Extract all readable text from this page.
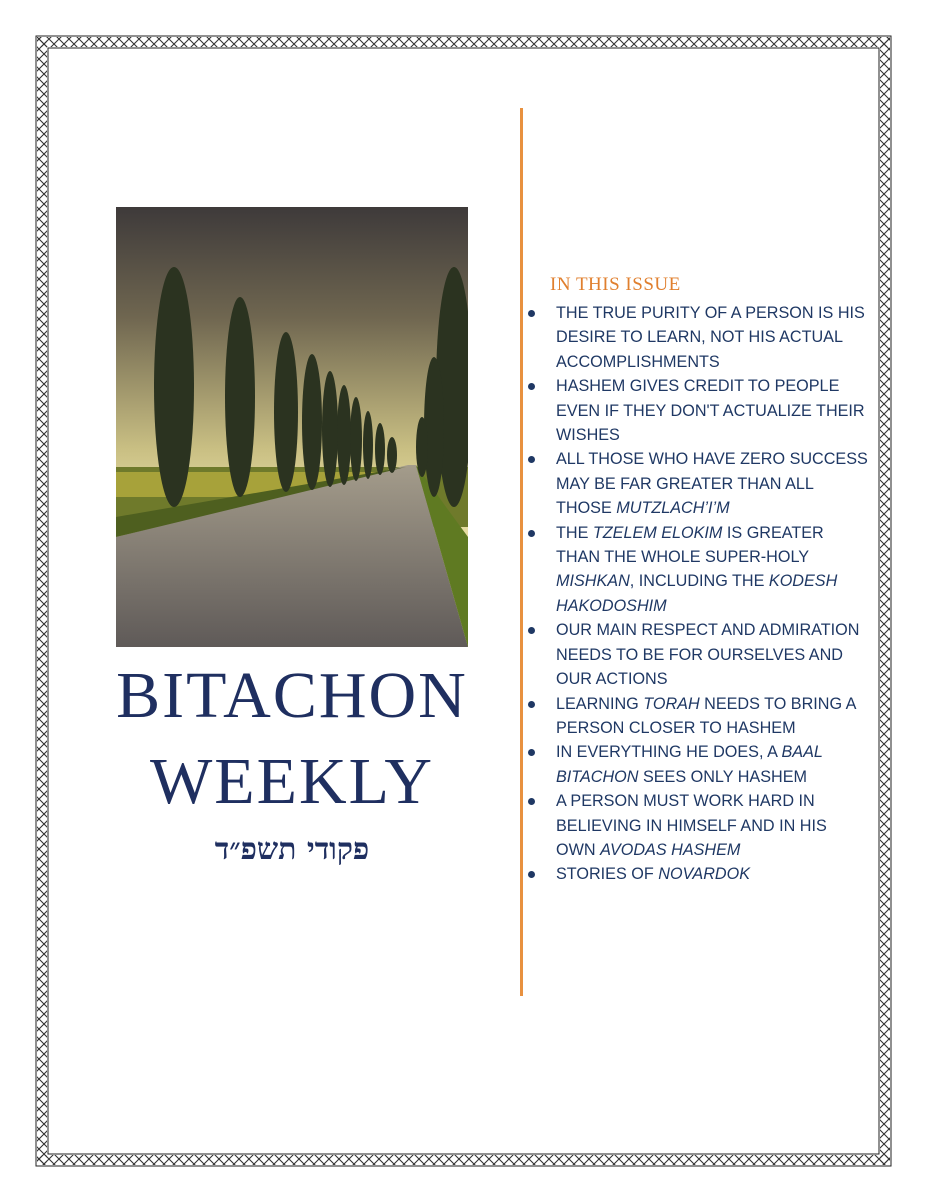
BITACHON
WEEKLY
פקודי תשפ״ד
IN THIS ISSUE
THE TRUE PURITY OF A PERSON IS HIS DESIRE TO LEARN, NOT HIS ACTUAL ACCOMPLISHMENTS
HASHEM GIVES CREDIT TO PEOPLE EVEN IF THEY DON'T ACTUALIZE THEIR WISHES
ALL THOSE WHO HAVE ZERO SUCCESS MAY BE FAR GREATER THAN ALL THOSE MUTZLACH’I’M
THE TZELEM ELOKIM IS GREATER THAN THE WHOLE SUPER-HOLY MISHKAN, INCLUDING THE KODESH HAKODOSHIM
OUR MAIN RESPECT AND ADMIRATION NEEDS TO BE FOR OURSELVES AND OUR ACTIONS
LEARNING TORAH NEEDS TO BRING A PERSON CLOSER TO HASHEM
IN EVERYTHING HE DOES, A BAAL BITACHON SEES ONLY HASHEM
A PERSON MUST WORK HARD IN BELIEVING IN HIMSELF AND IN HIS OWN AVODAS HASHEM
STORIES OF NOVARDOK
